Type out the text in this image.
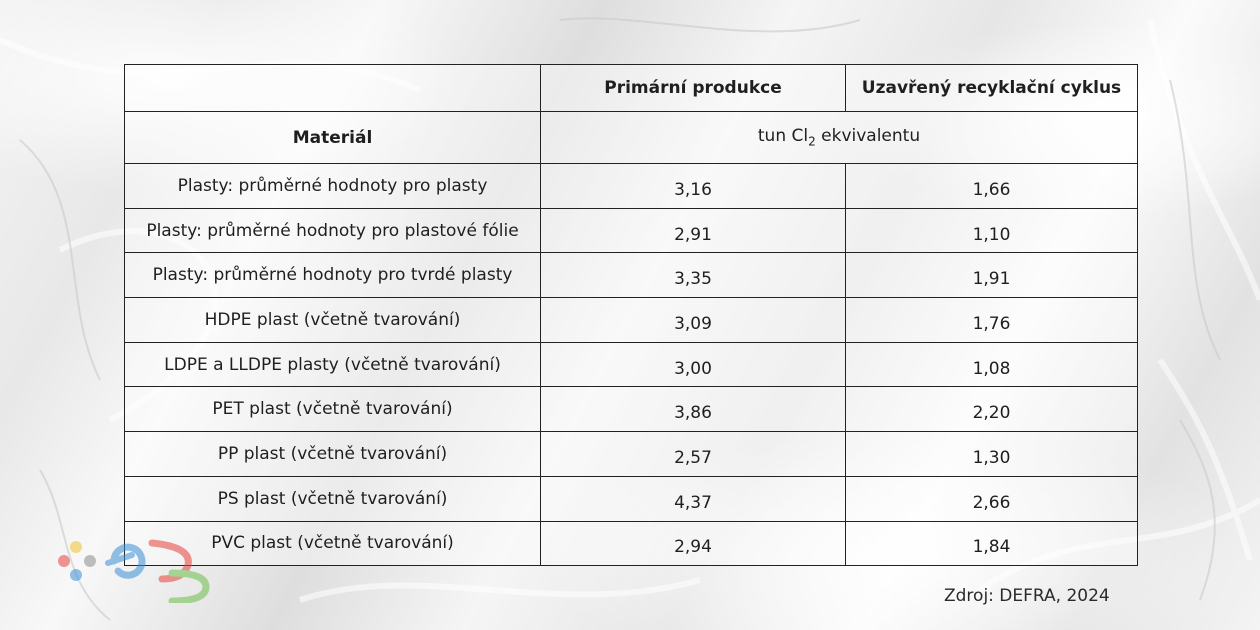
	Primární produkce	Uzavřený recyklační cyklus
Materiál	tun $Cl_2$ ekvivalentu	
Plasty: průměrné hodnoty pro plasty	3,16	1,66
Plasty: průměrné hodnoty pro plastové fólie	2,91	1,10
Plasty: průměrné hodnoty pro tvrdé plasty	3,35	1,91
HDPE plast (včetně tvarování)	3,09	1,76
LDPE a LLDPE plasty (včetně tvarování)	3,00	1,08
PET plast (včetně tvarování)	3,86	2,20
PP plast (včetně tvarování)	2,57	1,30
PS plast (včetně tvarování)	4,37	2,66
PVC plast (včetně tvarování)	2,94	1,84
Zdroj: DEFRA, 2024
